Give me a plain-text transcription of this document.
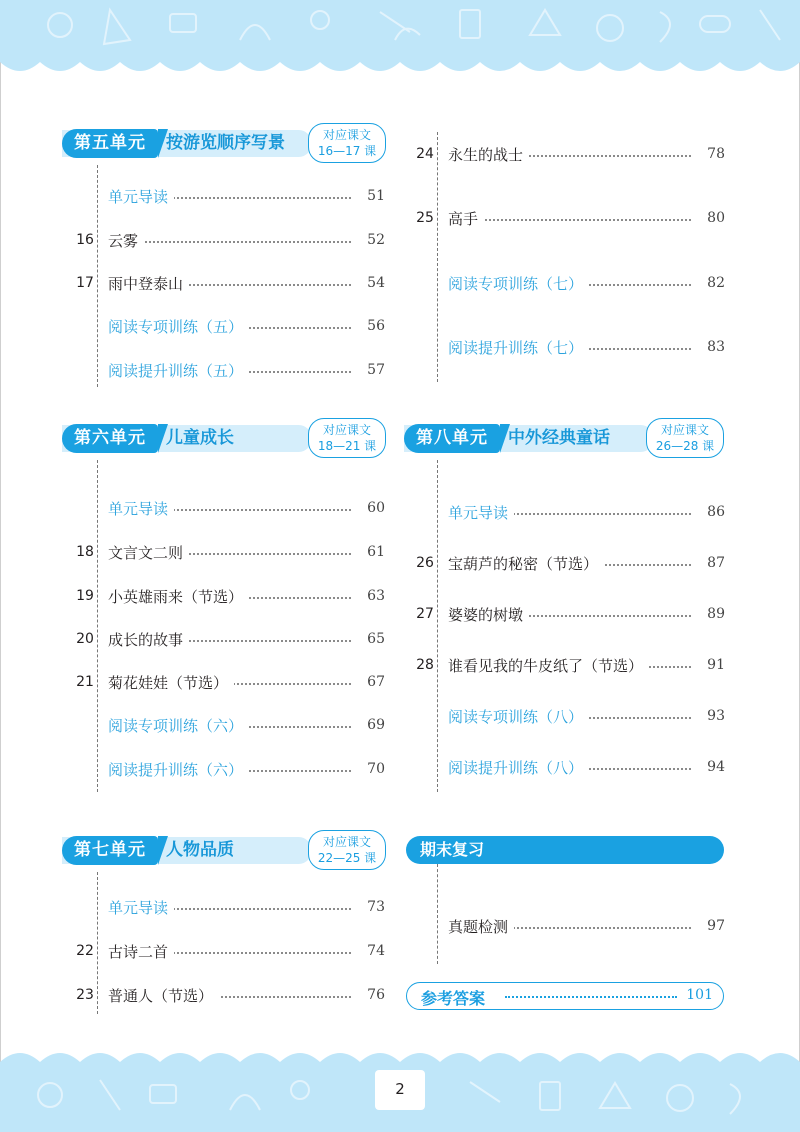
第五单元	按游览顺序写景	对应课文
16—17 课
单元导读	51
16 云雾	52
17 雨中登泰山	54
阅读专项训练（五）	56
阅读提升训练（五）	57
24 永生的战士	78
25 高手	80
阅读专项训练（七）	82
阅读提升训练（七）	83
第六单元	儿童成长	对应课文
18—21 课
单元导读	60
18 文言文二则	61
19 小英雄雨来（节选）	63
20 成长的故事	65
21 菊花娃娃（节选）	67
阅读专项训练（六）	69
阅读提升训练（六）	70
第八单元	中外经典童话	对应课文
26—28 课
单元导读	86
26 宝葫芦的秘密（节选）	87
27 婆婆的树墩	89
28 谁看见我的牛皮纸了（节选）	91
阅读专项训练（八）	93
阅读提升训练（八）	94
第七单元	人物品质	对应课文
22—25 课
单元导读	73
22 古诗二首	74
23 普通人（节选）	76
期末复习
真题检测	97
参考答案	101
2
